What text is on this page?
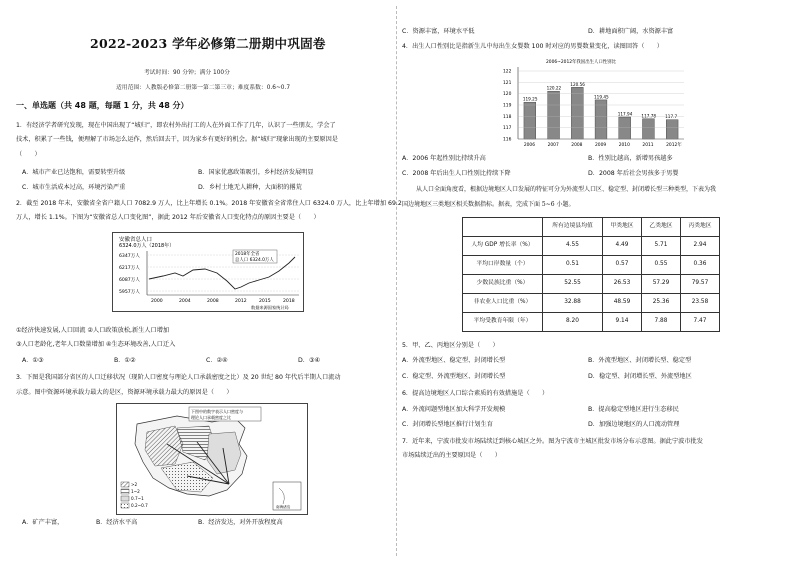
2022-2023 学年必修第二册期中巩固卷
考试时间：90 分钟；满分 100分
适用范围：人教版必修第二册第一第二第三章；难度系数：0.6~0.7
一、单选题（共 48 题，每题 1 分，共 48 分）
1．有经济学者研究发现，现在中国出现了“城归”，即农村外出打工的人在外面工作了几年，认识了一些朋友，学会了
技术，积累了一些钱，便理解了市场怎么运作，然后回去干，因为家乡有更好的机会。据“城归”现象出现的主要原因是
（　　）
A．城市产业已达饱和，需要转型升级	B．国家优惠政策吸引，乡村经济发展明显
C．城市生活成本过高，环境污染严重	D．乡村土地无人耕种，大面积的撂荒
2．截至 2018 年末，安徽省全省户籍人口 7082.9 万人，比上年增长 0.1%。2018 年安徽省全省常住人口 6324.0 万人，比上年增加 69.2
万人，增长 1.1%。下图为“安徽省总人口变化图”，据此 2012 年后安徽省人口变化特点的原因主要是（　　）
安徽省总人口
6324.0万人（2018年）
6347万人
6217万人
6087万人
5957万人
2018年全省
总人口 6324.0万人
2000	2004	2008	2012	2015	2018
数据来源国家统计局
①经济快速发展,人口回流 ②人口政策放松,新生人口增加
③人口老龄化,老年人口数量增加 ④生态环境改善,人口迁入
A．①③	B．①②	C．②④	D．③④
3．下图是我国部分省区的人口迁移状况（现阶人口密度与理论人口承载密度之比）及 20 世纪 80 年代后半期人口流动
示意。图中资源环境承载力最大的是区，资源环境承载力最大的原因是（　　）
下图中的数字表示人口密度与
理论人口承载密度之比
>2
1~2
0.7~1
0.2~0.7	南海诸岛
A．矿产丰富，	B．经济水平高	B．经济发达，对外开放程度高
C．资源丰富，环境水平低	D．耕地面积广阔，水资源丰富
4．出生人口性别比是指新生儿中每出生女婴数 100 时对应的男婴数量变化，读图回答（　　）
2006~2012年我国出生人口性别比
119.25
120.22
120.56
119.45
117.94 117.78 117.7
122
121
120
119
118
117
116
2006	2007	2008	2009	2010	2011	2012年
A．2006 年起性别比持续升高	B．性别比越高，新增男孩越多
C．2008 年后出生人口性别比持续下降	D．2008 年后社会男孩多于男婴
从人口全面角度看，根据边境地区人口发展的特征可分为外流型人口区、稳定型、封闭增长型三种类型，下表为我
国边境地区三类地区相关数据指标。据表，完成下面 5~6 小题。
	所有边境县均值	甲类地区	乙类地区	丙类地区
人均 GDP 增长率（%）	4.55	4.49	5.71	2.94
平均口岸数量（个）	0.51	0.57	0.55	0.36
少数民族比重（%）	52.55	26.53	57.29	79.57
非农业人口比重（%）	32.88	48.59	25.36	23.58
平均受教育年限（年）	8.20	9.14	7.88	7.47
5．甲、乙、丙地区分别是（　　）
A．外流型地区、稳定型、封闭增长型	B．外流型地区、封闭增长型、稳定型
C．稳定型、外流型地区、封闭增长型	D．稳定型、封闭增长型、外流型地区
6．提高边境地区人口综合素质的有效措施是（　　）
A．外流问题型地区加大科学开发规模	B．提高稳定型地区进行生态移民
C．封闭增长型地区推行计划生育	D．加强边境地区的人口流动管理
7．近年来，宁波市批发市场陆续迁到核心城区之外。图为宁波市主城区批发市场分布示意图。据此宁波市批发
市场陆续迁出的主要原因是（　　）
